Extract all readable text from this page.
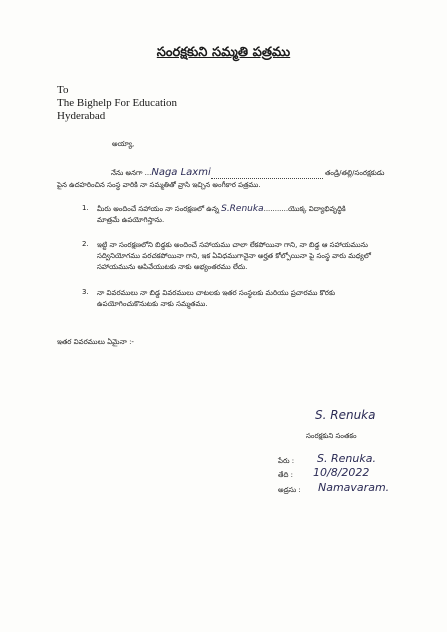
సంరక్షకుని సమ్మతి పత్రము
To
The Bighelp For Education
Hyderabad
అయ్యా,
నేను అనగా ...Naga Laxmi	తండ్రి/తల్లి/సంరక్షకుడు
పైన ఉదహరించిన సంస్థ వారికి నా సమ్మతితో వ్రాసి ఇచ్చిన అంగీకార పత్రము.
1. మీరు అందించే సహాయం నా సంరక్షణలో ఉన్న S.Renuka...........యొక్క విద్యాభివృద్ధికి
మాత్రమే ఉపయోగిస్తాను.
2. ఇట్టి నా సంరక్షణలోని బిడ్డకు అందించే సహాయము చాలా లేకపోయినా గాని, నా బిడ్డ ఆ సహాయమును సద్వినియోగము పరచకపోయినా గాని, ఇక ఏవిధముగానైనా అర్హత కోల్పోయినా పై సంస్థ వారు మధ్యలో సహాయమును ఆపివేయుటకు నాకు అభ్యంతరము లేదు.
3. నా వివరములు నా బిడ్డ వివరములు చాటలకు ఇతర సంస్థలకు మరియు ప్రచారము కొరకు ఉపయోగించుకొనుటకు నాకు సమ్మతము.
ఇతర వివరములు ఏమైనా :-
S. Renuka
సంరక్షకుని సంతకం
పేరు : S. Renuka.
తేది : 10/8/2022
అడ్రసు : Namavaram.
